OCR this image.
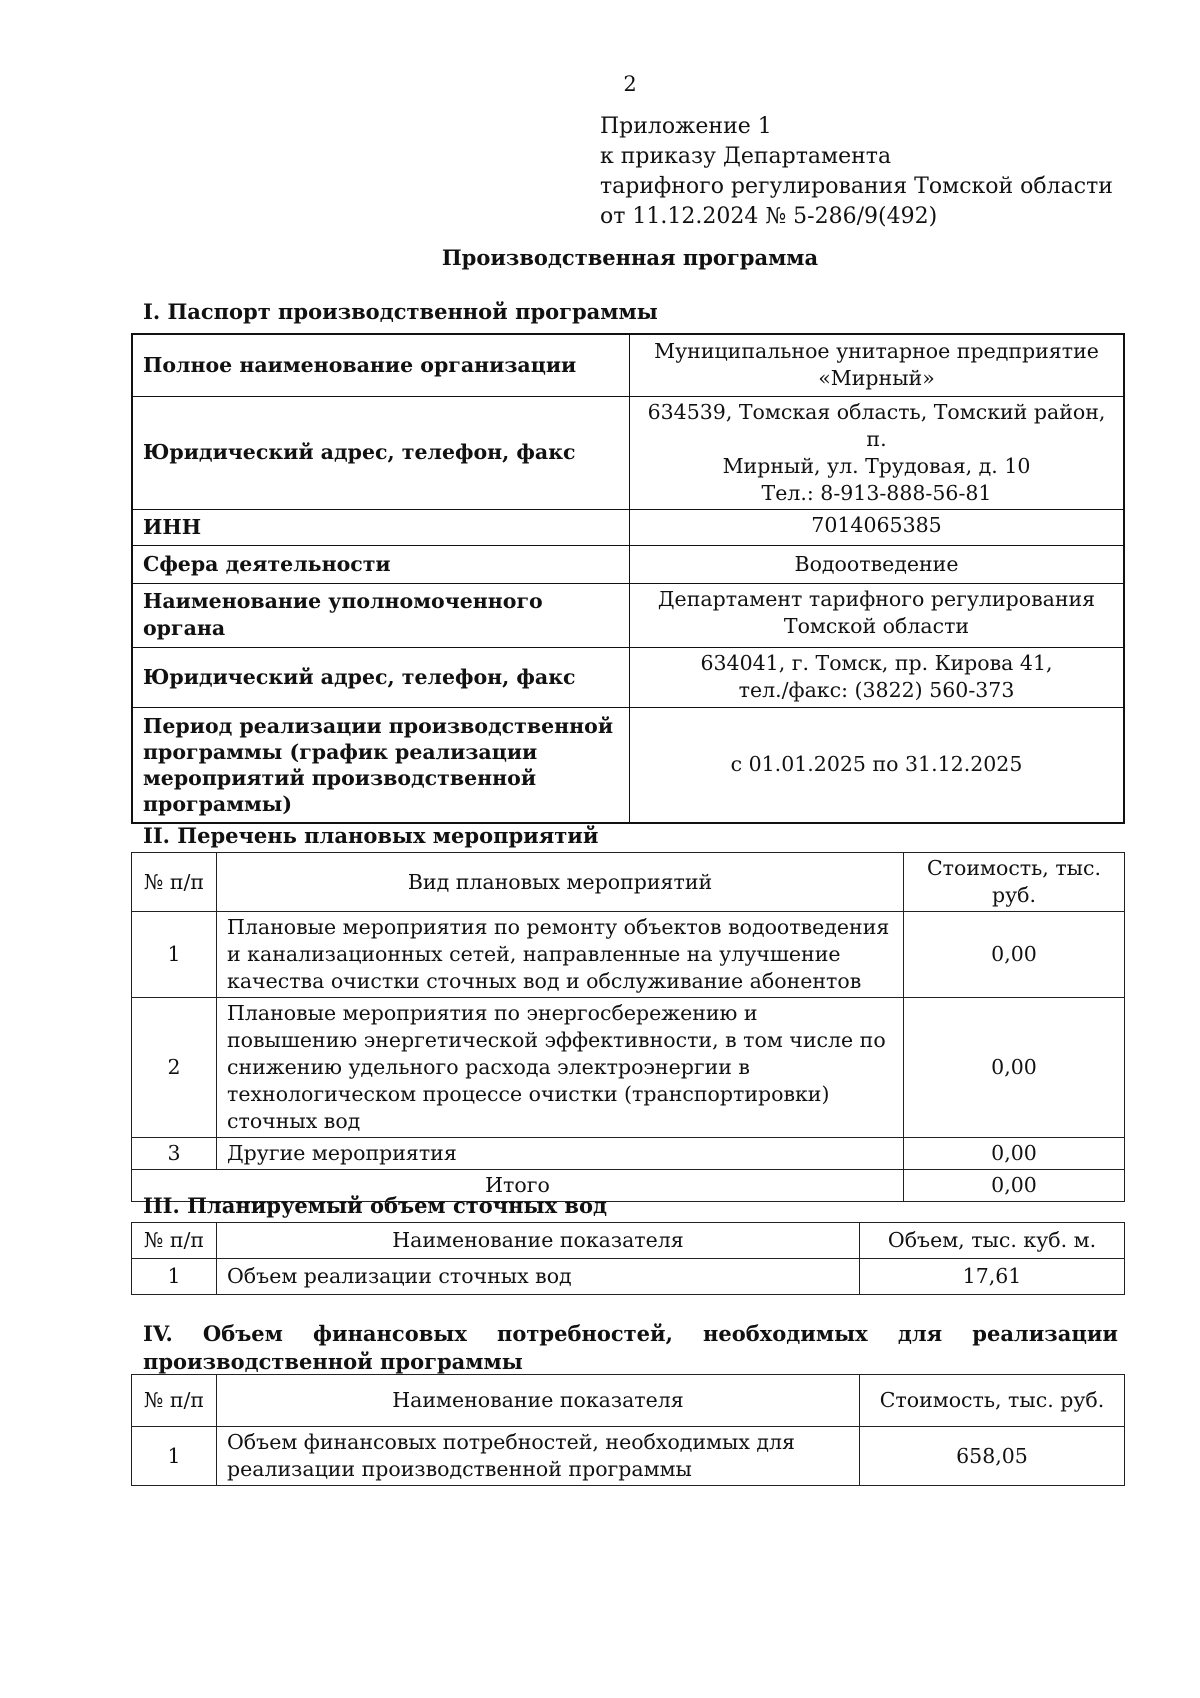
2
Приложение 1
к приказу Департамента
тарифного регулирования Томской области
от 11.12.2024 № 5-286/9(492)
Производственная программа
I. Паспорт производственной программы
Полное наименование организации	Муниципальное унитарное предприятие
«Мирный»

Юридический адрес, телефон, факс	634539, Томская область, Томский район, п.
Мирный, ул. Трудовая, д. 10
Тел.: 8-913-888-56-81

ИНН	7014065385

Сфера деятельности	Водоотведение

Наименование уполномоченного органа	Департамент тарифного регулирования
Томской области

Юридический адрес, телефон, факс	634041, г. Томск, пр. Кирова 41,
тел./факс: (3822) 560-373

Период реализации производственной программы (график реализации мероприятий производственной программы)	с 01.01.2025 по 31.12.2025
II. Перечень плановых мероприятий
№ п/п	Вид плановых мероприятий	Стоимость, тыс. руб.
1	Плановые мероприятия по ремонту объектов водоотведения и канализационных сетей, направленные на улучшение качества очистки сточных вод и обслуживание абонентов	0,00
2	Плановые мероприятия по энергосбережению и повышению энергетической эффективности, в том числе по снижению удельного расхода электроэнергии в технологическом процессе очистки (транспортировки) сточных вод	0,00
3	Другие мероприятия	0,00
Итого		0,00
III. Планируемый объем сточных вод
№ п/п	Наименование показателя	Объем, тыс. куб. м.
1	Объем реализации сточных вод	17,61
IV. Объем финансовых потребностей, необходимых для реализации производственной программы
№ п/п	Наименование показателя	Стоимость, тыс. руб.
1	Объем финансовых потребностей, необходимых для реализации производственной программы	658,05
